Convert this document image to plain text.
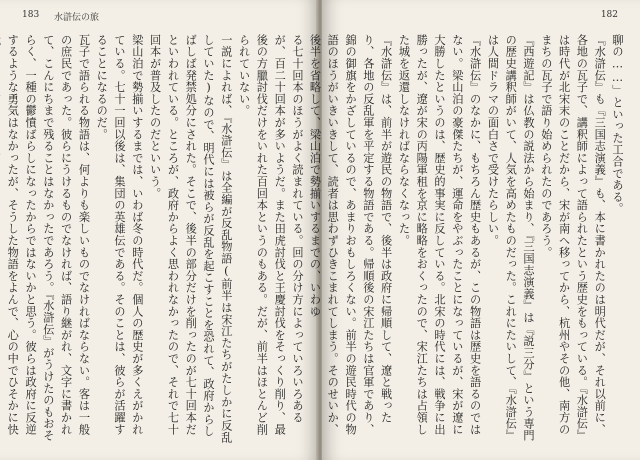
183 水滸伝の旅

る七十回本のほうがよく読まれている。回の分け方によっていろいろあるが、百二十回本が多いようだ。また田虎討伐と王慶討伐をそっくり削り、最後の方臘討伐だけをいれた百回本というのもある。だが、前半はほとんど削られていない。

一説によれば、『水滸伝』は全編が反乱物語(前半は宋江たちがたしかに反乱していた)なので、明代には被らが反乱を起こすことを恐れて、政府からしばしば発禁処分にされた。そこで、後半の部分だけを削ったのが七十回本だといわれている。ところが、政府からよく思われなかったので、それで七十回本が普及したのだといいう。

梁山泊で勢揃いするまでは、いわば冬の時代だ。個人の歴史が多くえがかれている。七十一回以後は、集団の英雄伝である。そのことは、彼らが活躍することになるのだ。

瓦子で語られる物語は、何よりも楽しいものでなければならない。客は一般の庶民であった。彼らにうけるものでなければ、語り継がれ、文字に書かれて、こんにちまで残ることはなかったであろう。『水滸伝』がうけたのもおそらく、一種の鬱憤ばらしになったからではないかと思う。彼らは政府に反逆するような勇気はなかったが、そうした物語をよんで、心の中でひそかに快

182

聊の……」といった工合である。

『水滸伝』も『三国志演義』も、本に書かれたのは明代だが、それ以前に、各地の瓦子で、講釈師によって語られたという歴史をもっている。『水滸伝』は時代が北宋末のことだから、宋が南へ移ってから、杭州やその他、南方のまちの瓦子で語り始められたのであろう。

『西遊記』は仏教の説法から始まり、『三国志演義』は『説三分』という専門の歴史講釈師がいて、人気を高めたものだった。これにたいして、『水滸伝』は人間ドラマの面白さで受けたらしい。

『水滸伝』のなかに、もちろん歴史もあるが、この物語は歴史を語るのではない。梁山泊の豪傑たちが、運命をやぶったことになっているが、宋が遼に大勝したというのは、歴史的事実に反している。北宋の時代には、戦争に出勝ったが、遼が宋の丙陽軍租を京に略略をおくったので、宋江たちは占領した城を返還しなければならなくなった。

『水滸伝』は、前半が遊民の物語で、後半は政府に帰順して、遼と戦ったり、各地の反乱軍を平定する物語である。帰順後の宋江たちは官軍であり、錦の御旗をかざしているので、あまりおもしろくない。前半の遊民時代の物語のほうがいきいきして、読者は思わずひきこまれてしまう。そのせいか、後半を省略して、梁山泊で勢揃いするまでの、いわゆ
